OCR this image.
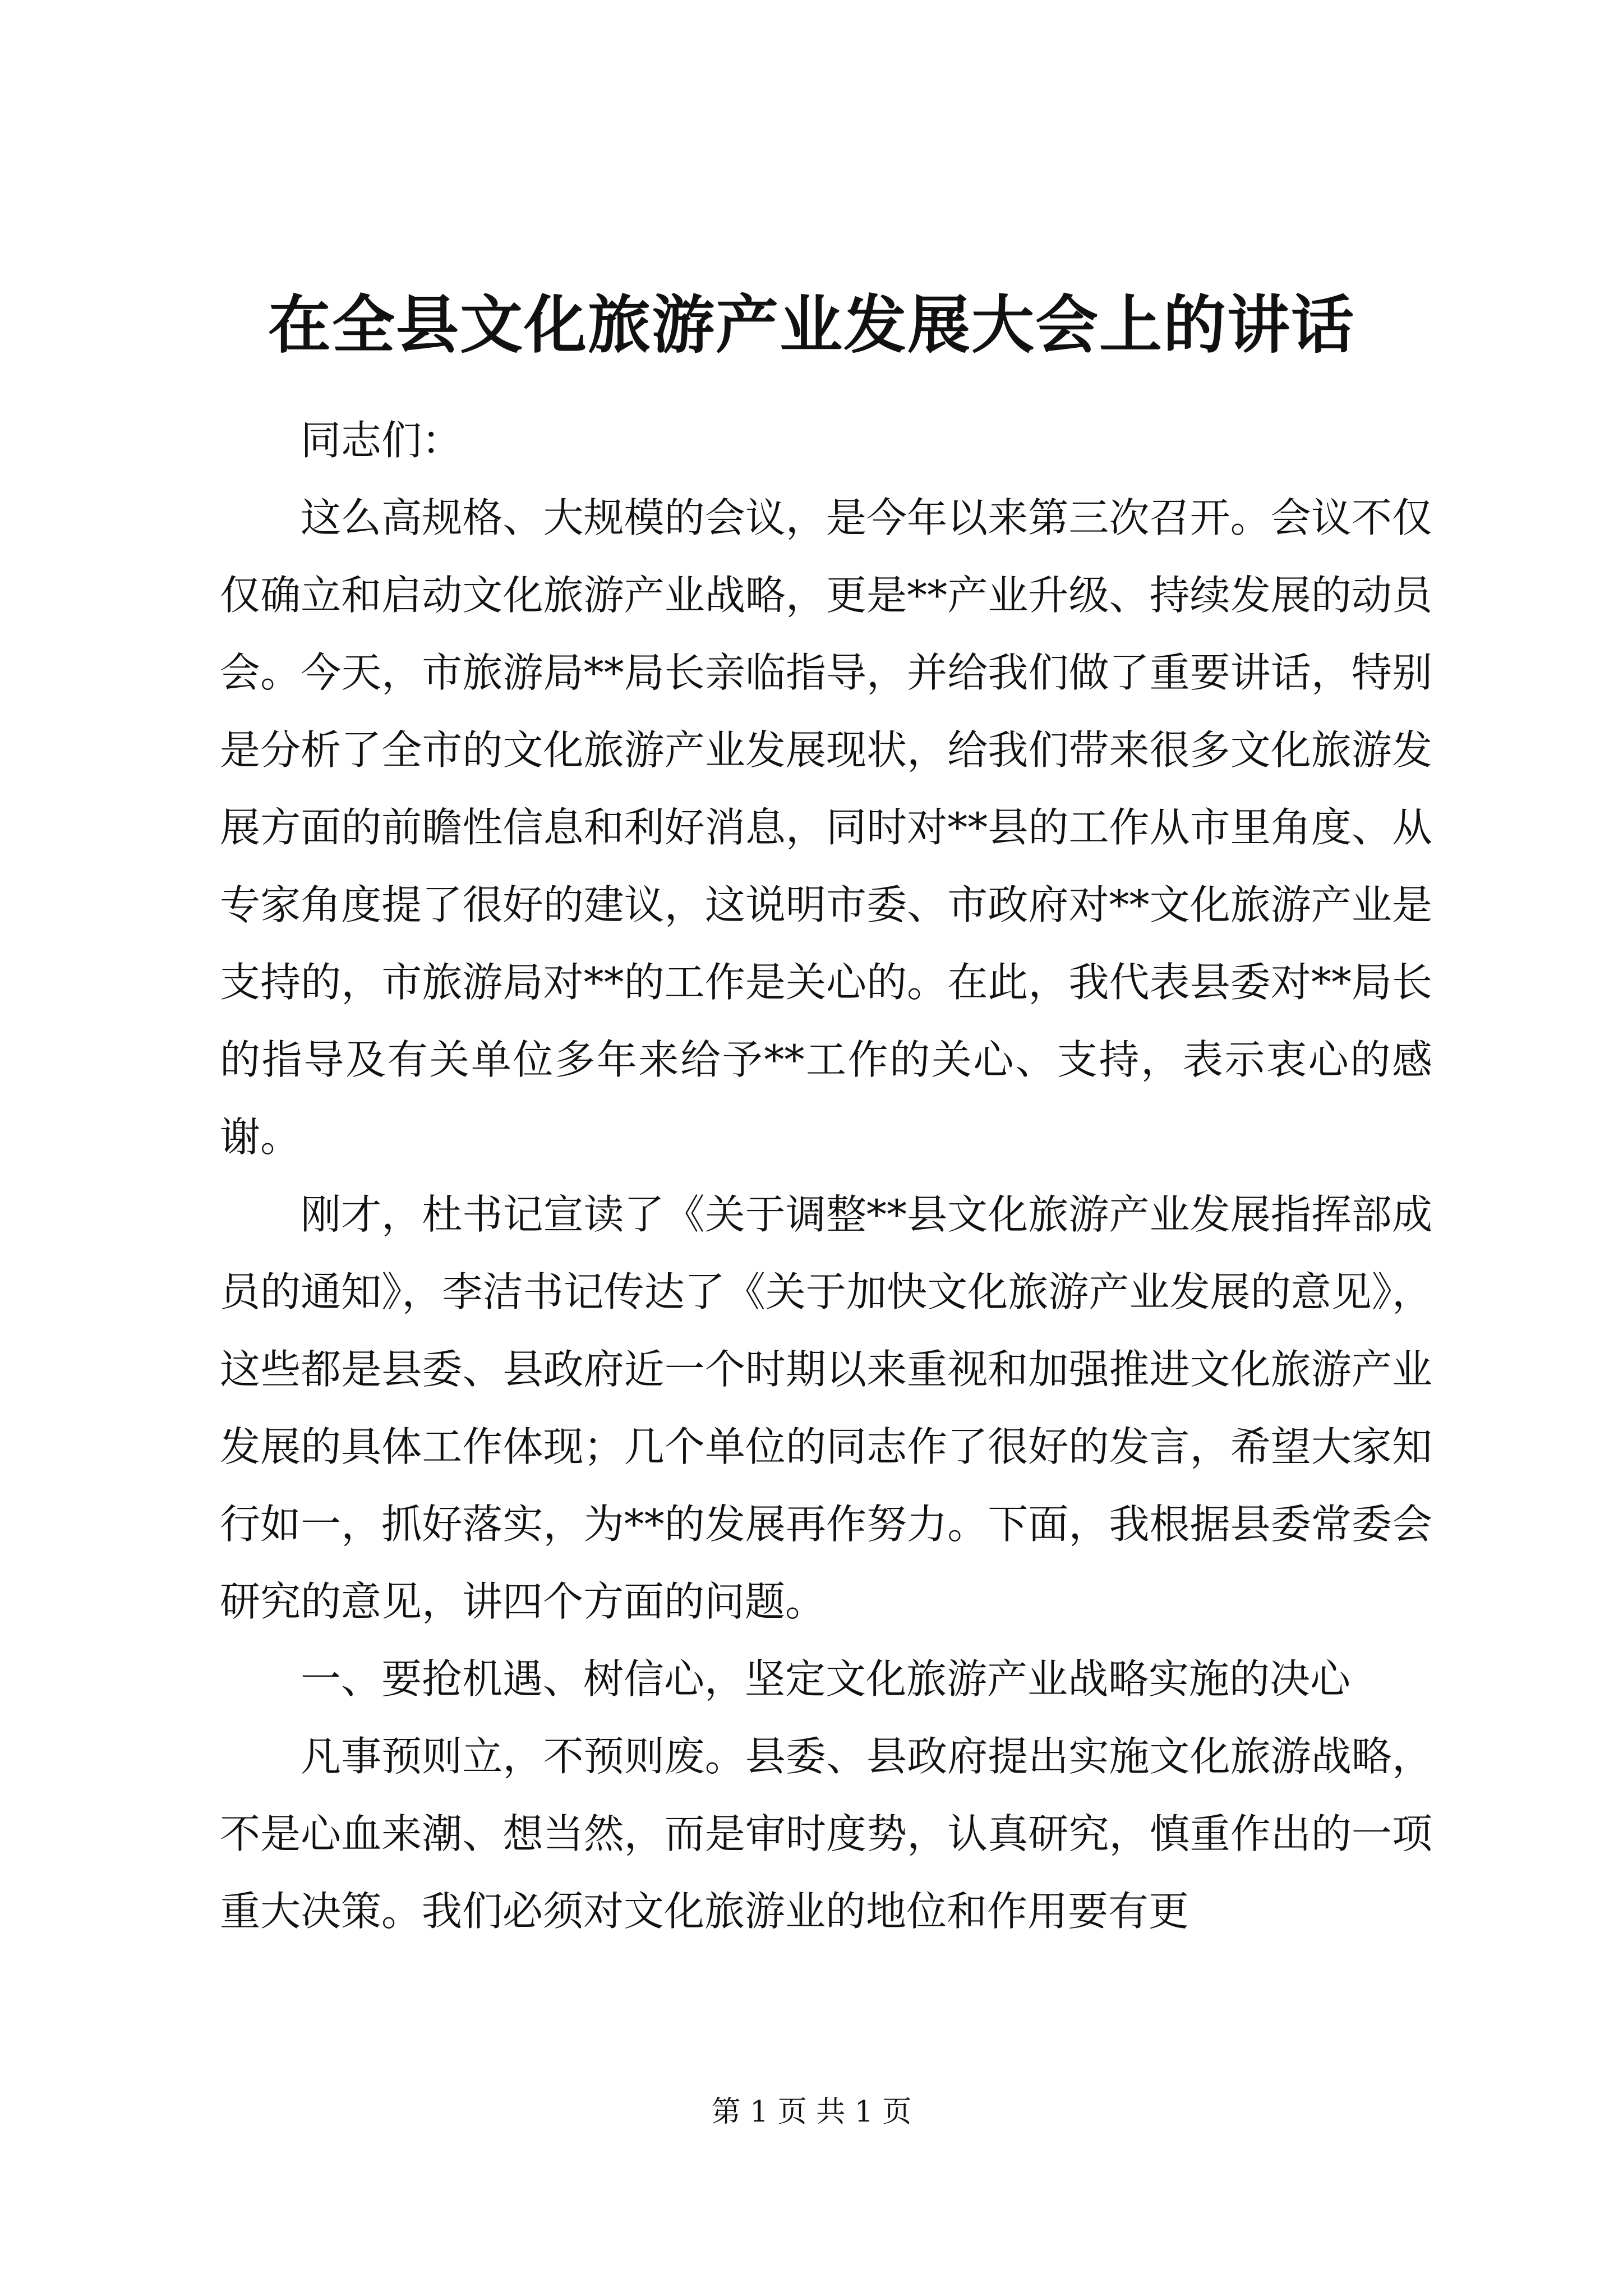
在全县文化旅游产业发展大会上的讲话

同志们：

这么高规格、大规模的会议，是今年以来第三次召开。会议不仅仅确立和启动文化旅游产业战略，更是**产业升级、持续发展的动员会。今天，市旅游局**局长亲临指导，并给我们做了重要讲话，特别是分析了全市的文化旅游产业发展现状，给我们带来很多文化旅游发展方面的前瞻性信息和利好消息，同时对**县的工作从市里角度、从专家角度提了很好的建议，这说明市委、市政府对**文化旅游产业是支持的，市旅游局对**的工作是关心的。在此，我代表县委对**局长的指导及有关单位多年来给予**工作的关心、支持，表示衷心的感谢。

刚才，杜书记宣读了《关于调整**县文化旅游产业发展指挥部成员的通知》，李洁书记传达了《关于加快文化旅游产业发展的意见》，这些都是县委、县政府近一个时期以来重视和加强推进文化旅游产业发展的具体工作体现；几个单位的同志作了很好的发言，希望大家知行如一，抓好落实，为**的发展再作努力。下面，我根据县委常委会研究的意见，讲四个方面的问题。

一、要抢机遇、树信心，坚定文化旅游产业战略实施的决心

凡事预则立，不预则废。县委、县政府提出实施文化旅游战略，不是心血来潮、想当然，而是审时度势，认真研究，慎重作出的一项重大决策。我们必须对文化旅游业的地位和作用要有更

第 1 页 共 1 页
